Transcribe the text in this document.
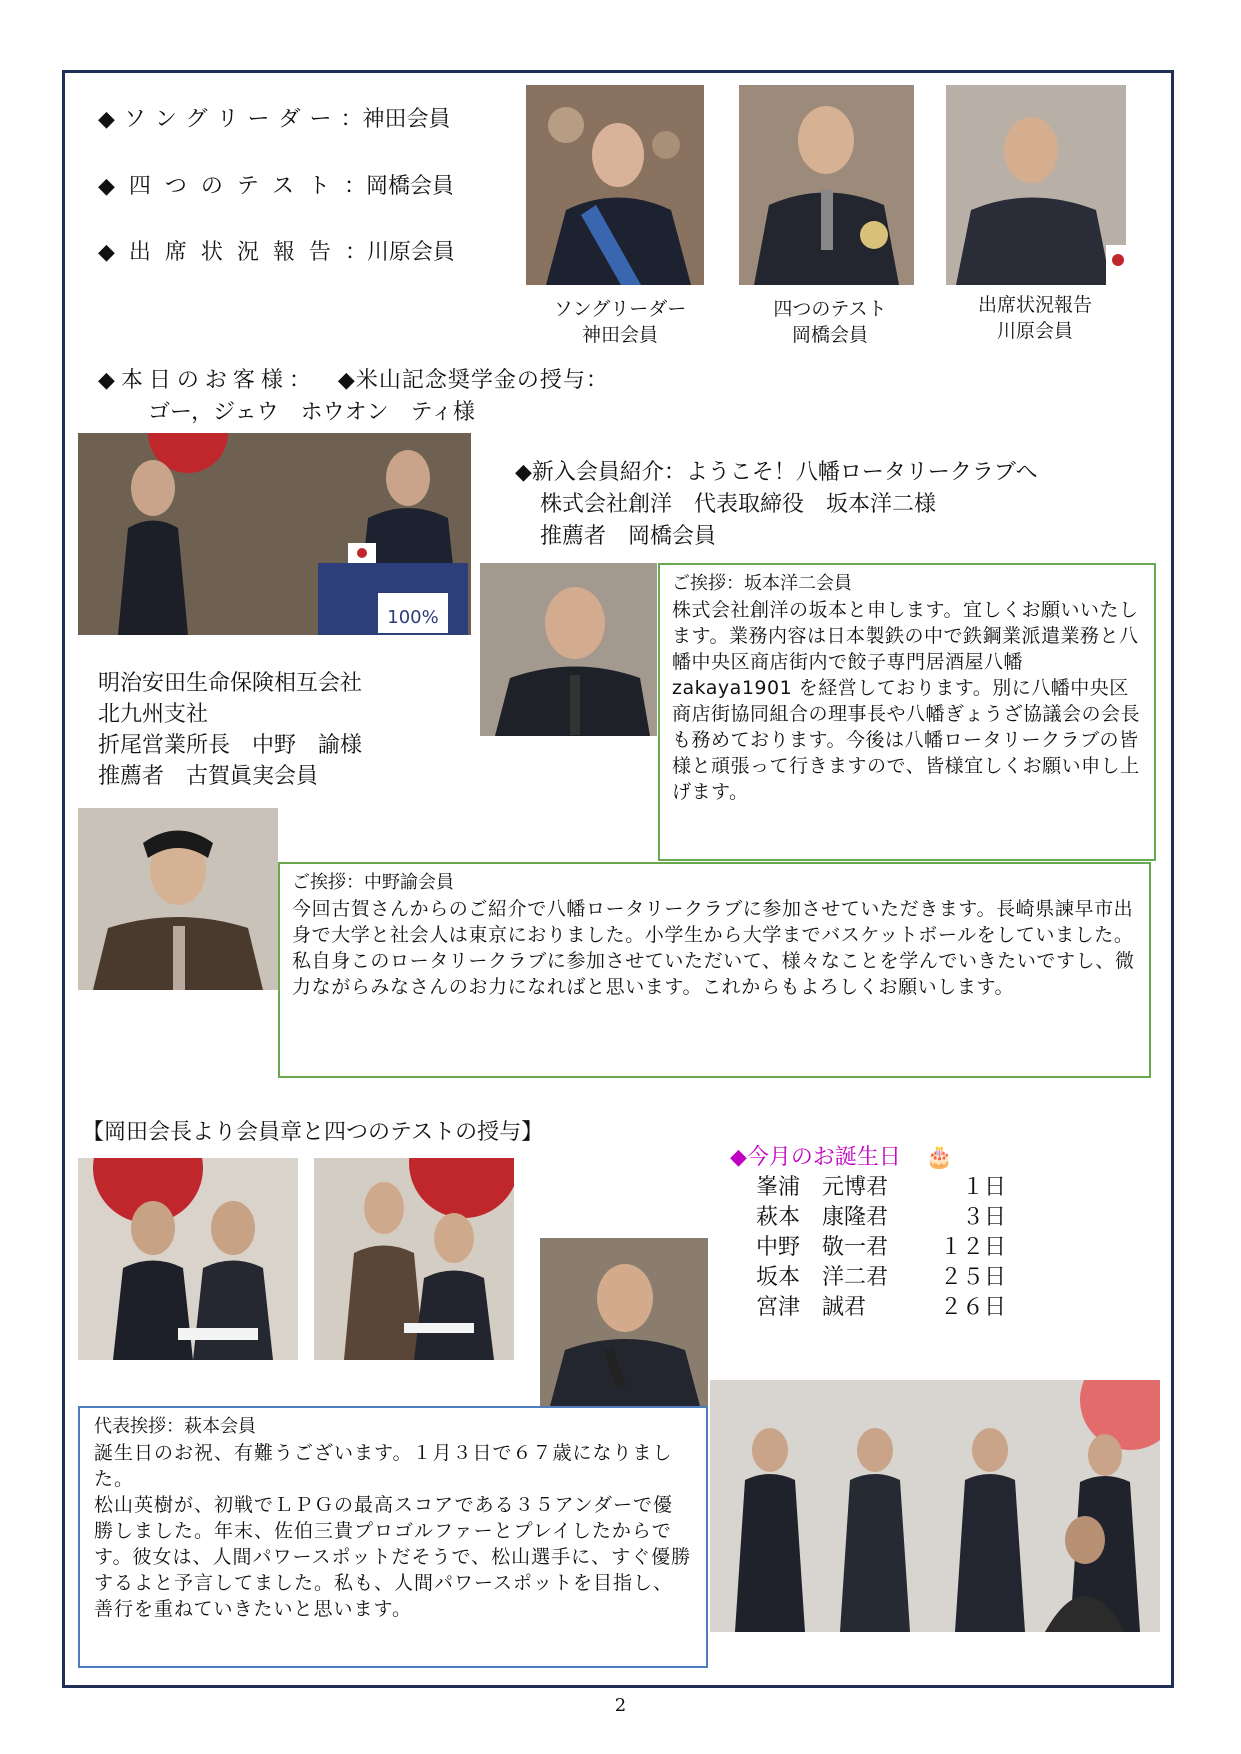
◆ソングリーダー：神田会員
◆四つのテスト：岡橋会員
◆出席状況報告：川原会員
ソングリーダー
神田会員
四つのテスト
岡橋会員
出席状況報告
川原会員
◆本日のお客様： ◆米山記念奨学金の授与：
ゴー，ジェウ　ホウオン　ティ様
100%
◆新入会員紹介：ようこそ！八幡ロータリークラブへ
株式会社創洋　代表取締役　坂本洋二様
推薦者　岡橋会員
ご挨拶：坂本洋二会員
株式会社創洋の坂本と申します。宜しくお願いいたします。業務内容は日本製鉄の中で鉄鋼業派遣業務と八幡中央区商店街内で餃子専門居酒屋八幡zakaya1901 を経営しております。別に八幡中央区商店街協同組合の理事長や八幡ぎょうざ協議会の会長も務めております。今後は八幡ロータリークラブの皆様と頑張って行きますので、皆様宜しくお願い申し上げます。
明治安田生命保険相互会社
北九州支社
折尾営業所長　中野　諭様
推薦者　古賀眞実会員
ご挨拶：中野諭会員
今回古賀さんからのご紹介で八幡ロータリークラブに参加させていただきます。長崎県諫早市出身で大学と社会人は東京におりました。小学生から大学までバスケットボールをしていました。
私自身このロータリークラブに参加させていただいて、様々なことを学んでいきたいですし、微力ながらみなさんのお力になればと思います。これからもよろしくお願いします。
【岡田会長より会員章と四つのテストの授与】
◆今月のお誕生日 🎂
峯浦　元博君	１日
萩本　康隆君	３日
中野　敬一君	１２日
坂本　洋二君	２５日
宮津　誠君	２６日
代表挨拶：萩本会員
誕生日のお祝、有難うございます。１月３日で６７歳になりました。
松山英樹が、初戦でＬＰＧの最高スコアである３５アンダーで優勝しました。年末、佐伯三貴プロゴルファーとプレイしたからです。彼女は、人間パワースポットだそうで、松山選手に、すぐ優勝するよと予言してました。私も、人間パワースポットを目指し、善行を重ねていきたいと思います。
2
